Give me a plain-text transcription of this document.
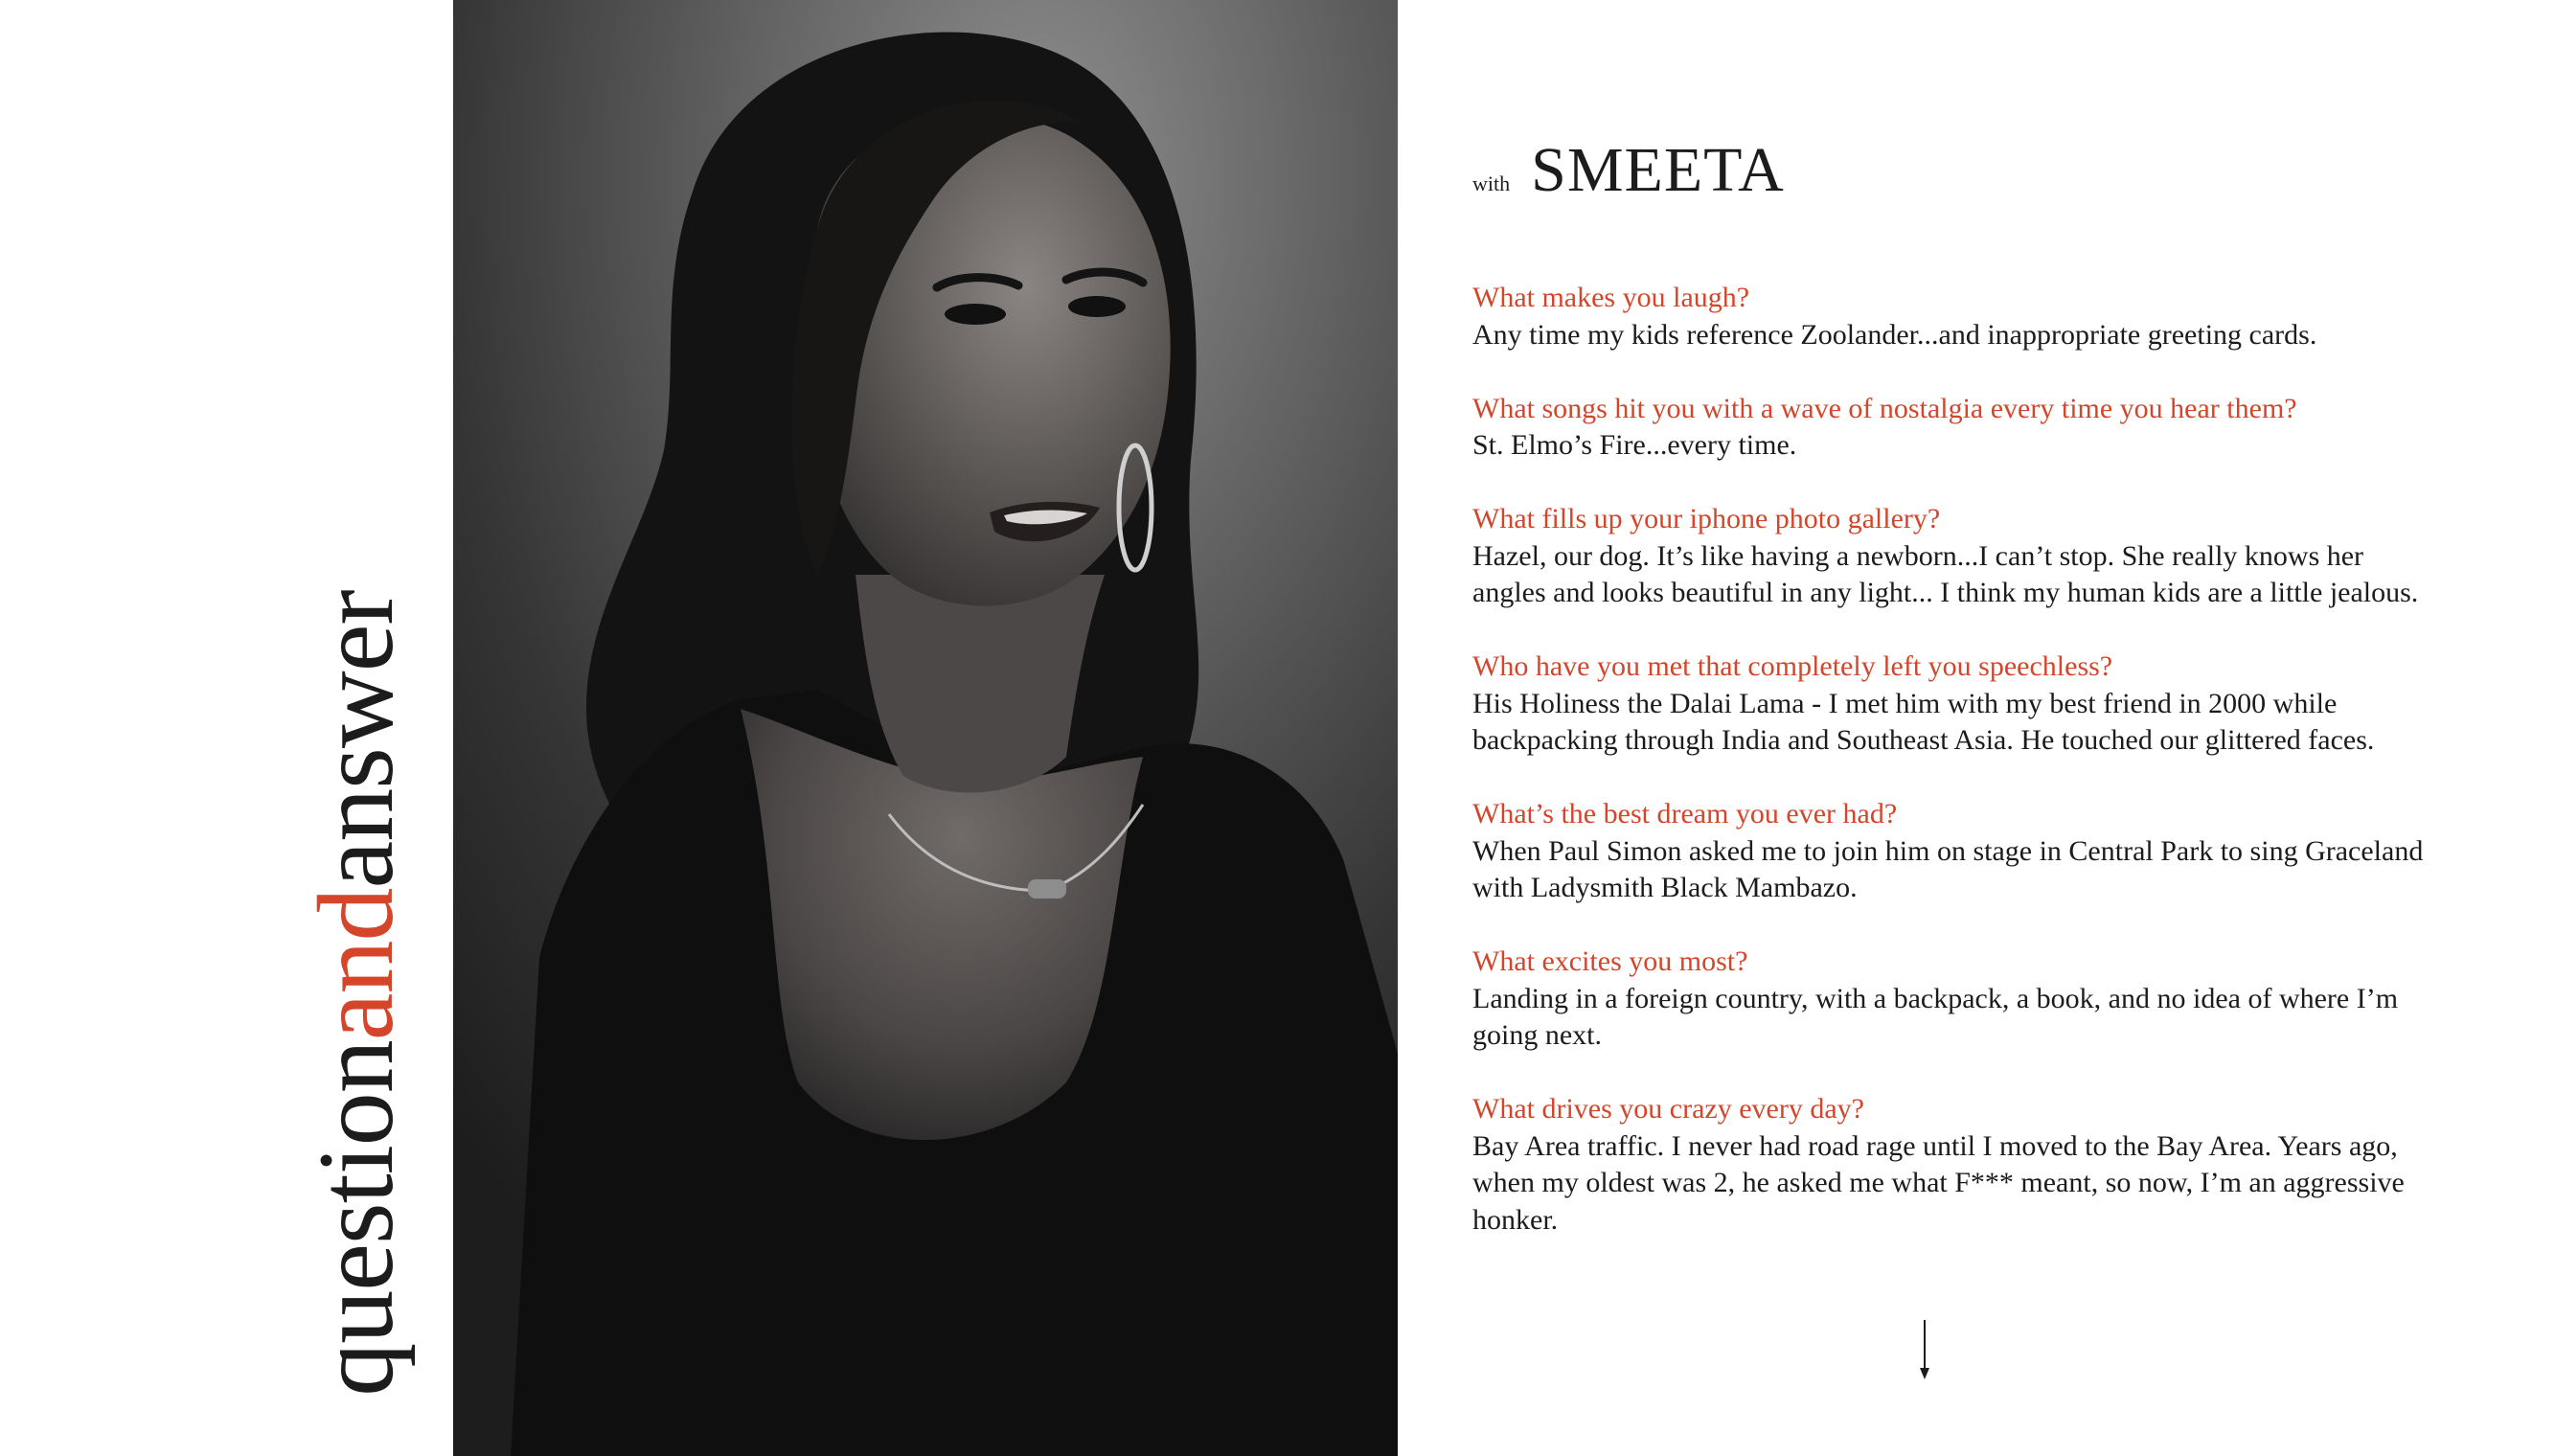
questionandanswer
with SMEETA
What makes you laugh?
Any time my kids reference Zoolander...and inappropriate greeting cards.
What songs hit you with a wave of nostalgia every time you hear them?
St. Elmo’s Fire...every time.
What fills up your iphone photo gallery?
Hazel, our dog. It’s like having a newborn...I can’t stop. She really knows her angles and looks beautiful in any light... I think my human kids are a little jealous.
Who have you met that completely left you speechless?
His Holiness the Dalai Lama - I met him with my best friend in 2000 while backpacking through India and Southeast Asia. He touched our glittered faces.
What’s the best dream you ever had?
When Paul Simon asked me to join him on stage in Central Park to sing Graceland with Ladysmith Black Mambazo.
What excites you most?
Landing in a foreign country, with a backpack, a book, and no idea of where I’m going next.
What drives you crazy every day?
Bay Area traffic. I never had road rage until I moved to the Bay Area. Years ago, when my oldest was 2, he asked me what F*** meant, so now, I’m an aggressive honker.
